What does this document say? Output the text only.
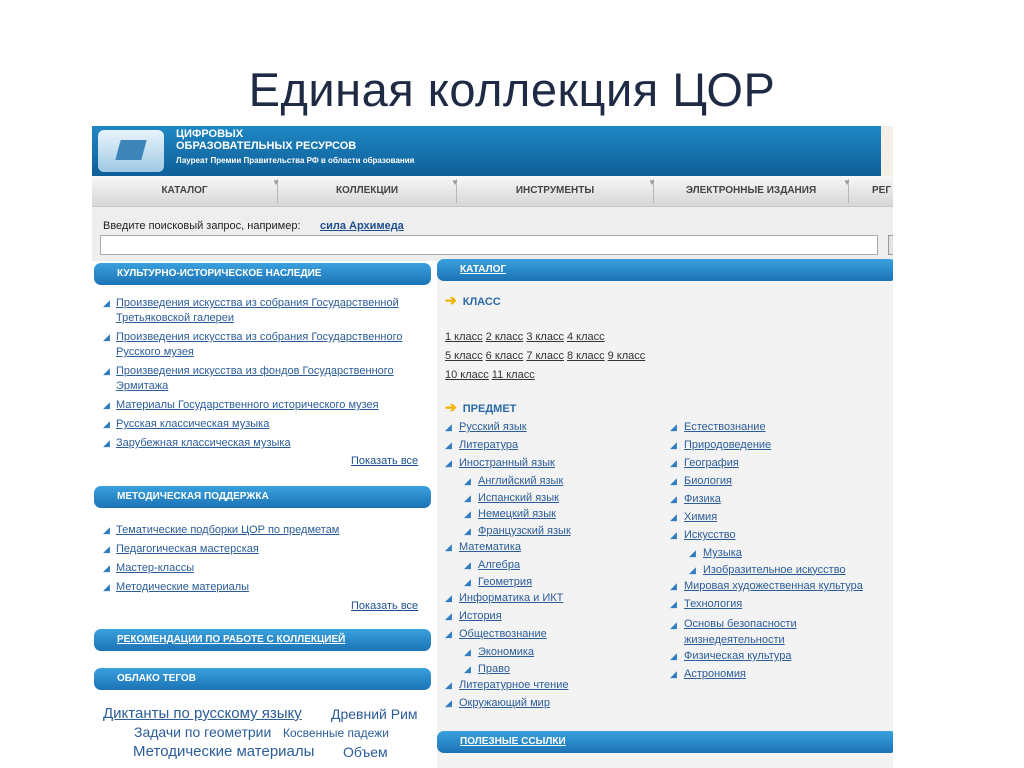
Единая коллекция ЦОР
ЦИФРОВЫХ
ОБРАЗОВАТЕЛЬНЫХ РЕСУРСОВ
Лауреат Премии Правительства РФ в области образования
КАТАЛОГ
▼
КОЛЛЕКЦИИ
▼
ИНСТРУМЕНТЫ
▼
ЭЛЕКТРОННЫЕ ИЗДАНИЯ
▼
РЕГ
Введите поисковый запрос, например: сила Архимеда
КУЛЬТУРНО-ИСТОРИЧЕСКОЕ НАСЛЕДИЕ
◢ Произведения искусства из собрания Государственной
Третьяковской галереи
◢ Произведения искусства из собрания Государственного
Русского музея
◢ Произведения искусства из фондов Государственного
Эрмитажа
◢ Материалы Государственного исторического музея
◢ Русская классическая музыка
◢ Зарубежная классическая музыка
Показать все
МЕТОДИЧЕСКАЯ ПОДДЕРЖКА
◢ Тематические подборки ЦОР по предметам
◢ Педагогическая мастерская
◢ Мастер-классы
◢ Методические материалы
Показать все
РЕКОМЕНДАЦИИ ПО РАБОТЕ С КОЛЛЕКЦИЕЙ
ОБЛАКО ТЕГОВ
Диктанты по русскому языку Древний Рим
Задачи по геометрии Косвенные падежи
Методические материалы Объем
КАТАЛОГ
➔ КЛАСС
1 класс 2 класс 3 класс 4 класс
5 класс 6 класс 7 класс 8 класс 9 класс
10 класс 11 класс
➔ ПРЕДМЕТ
◢ Русский язык
◢ Литература
◢ Иностранный язык
◢ Английский язык
◢ Испанский язык
◢ Немецкий язык
◢ Французский язык
◢ Математика
◢ Алгебра
◢ Геометрия
◢ Информатика и ИКТ
◢ История
◢ Обществознание
◢ Экономика
◢ Право
◢ Литературное чтение
◢ Окружающий мир
◢ Естествознание
◢ Природоведение
◢ География
◢ Биология
◢ Физика
◢ Химия
◢ Искусство
◢ Музыка
◢ Изобразительное искусство
◢ Мировая художественная культура
◢ Технология
◢ Основы безопасности
жизнедеятельности
◢ Физическая культура
◢ Астрономия
ПОЛЕЗНЫЕ ССЫЛКИ
